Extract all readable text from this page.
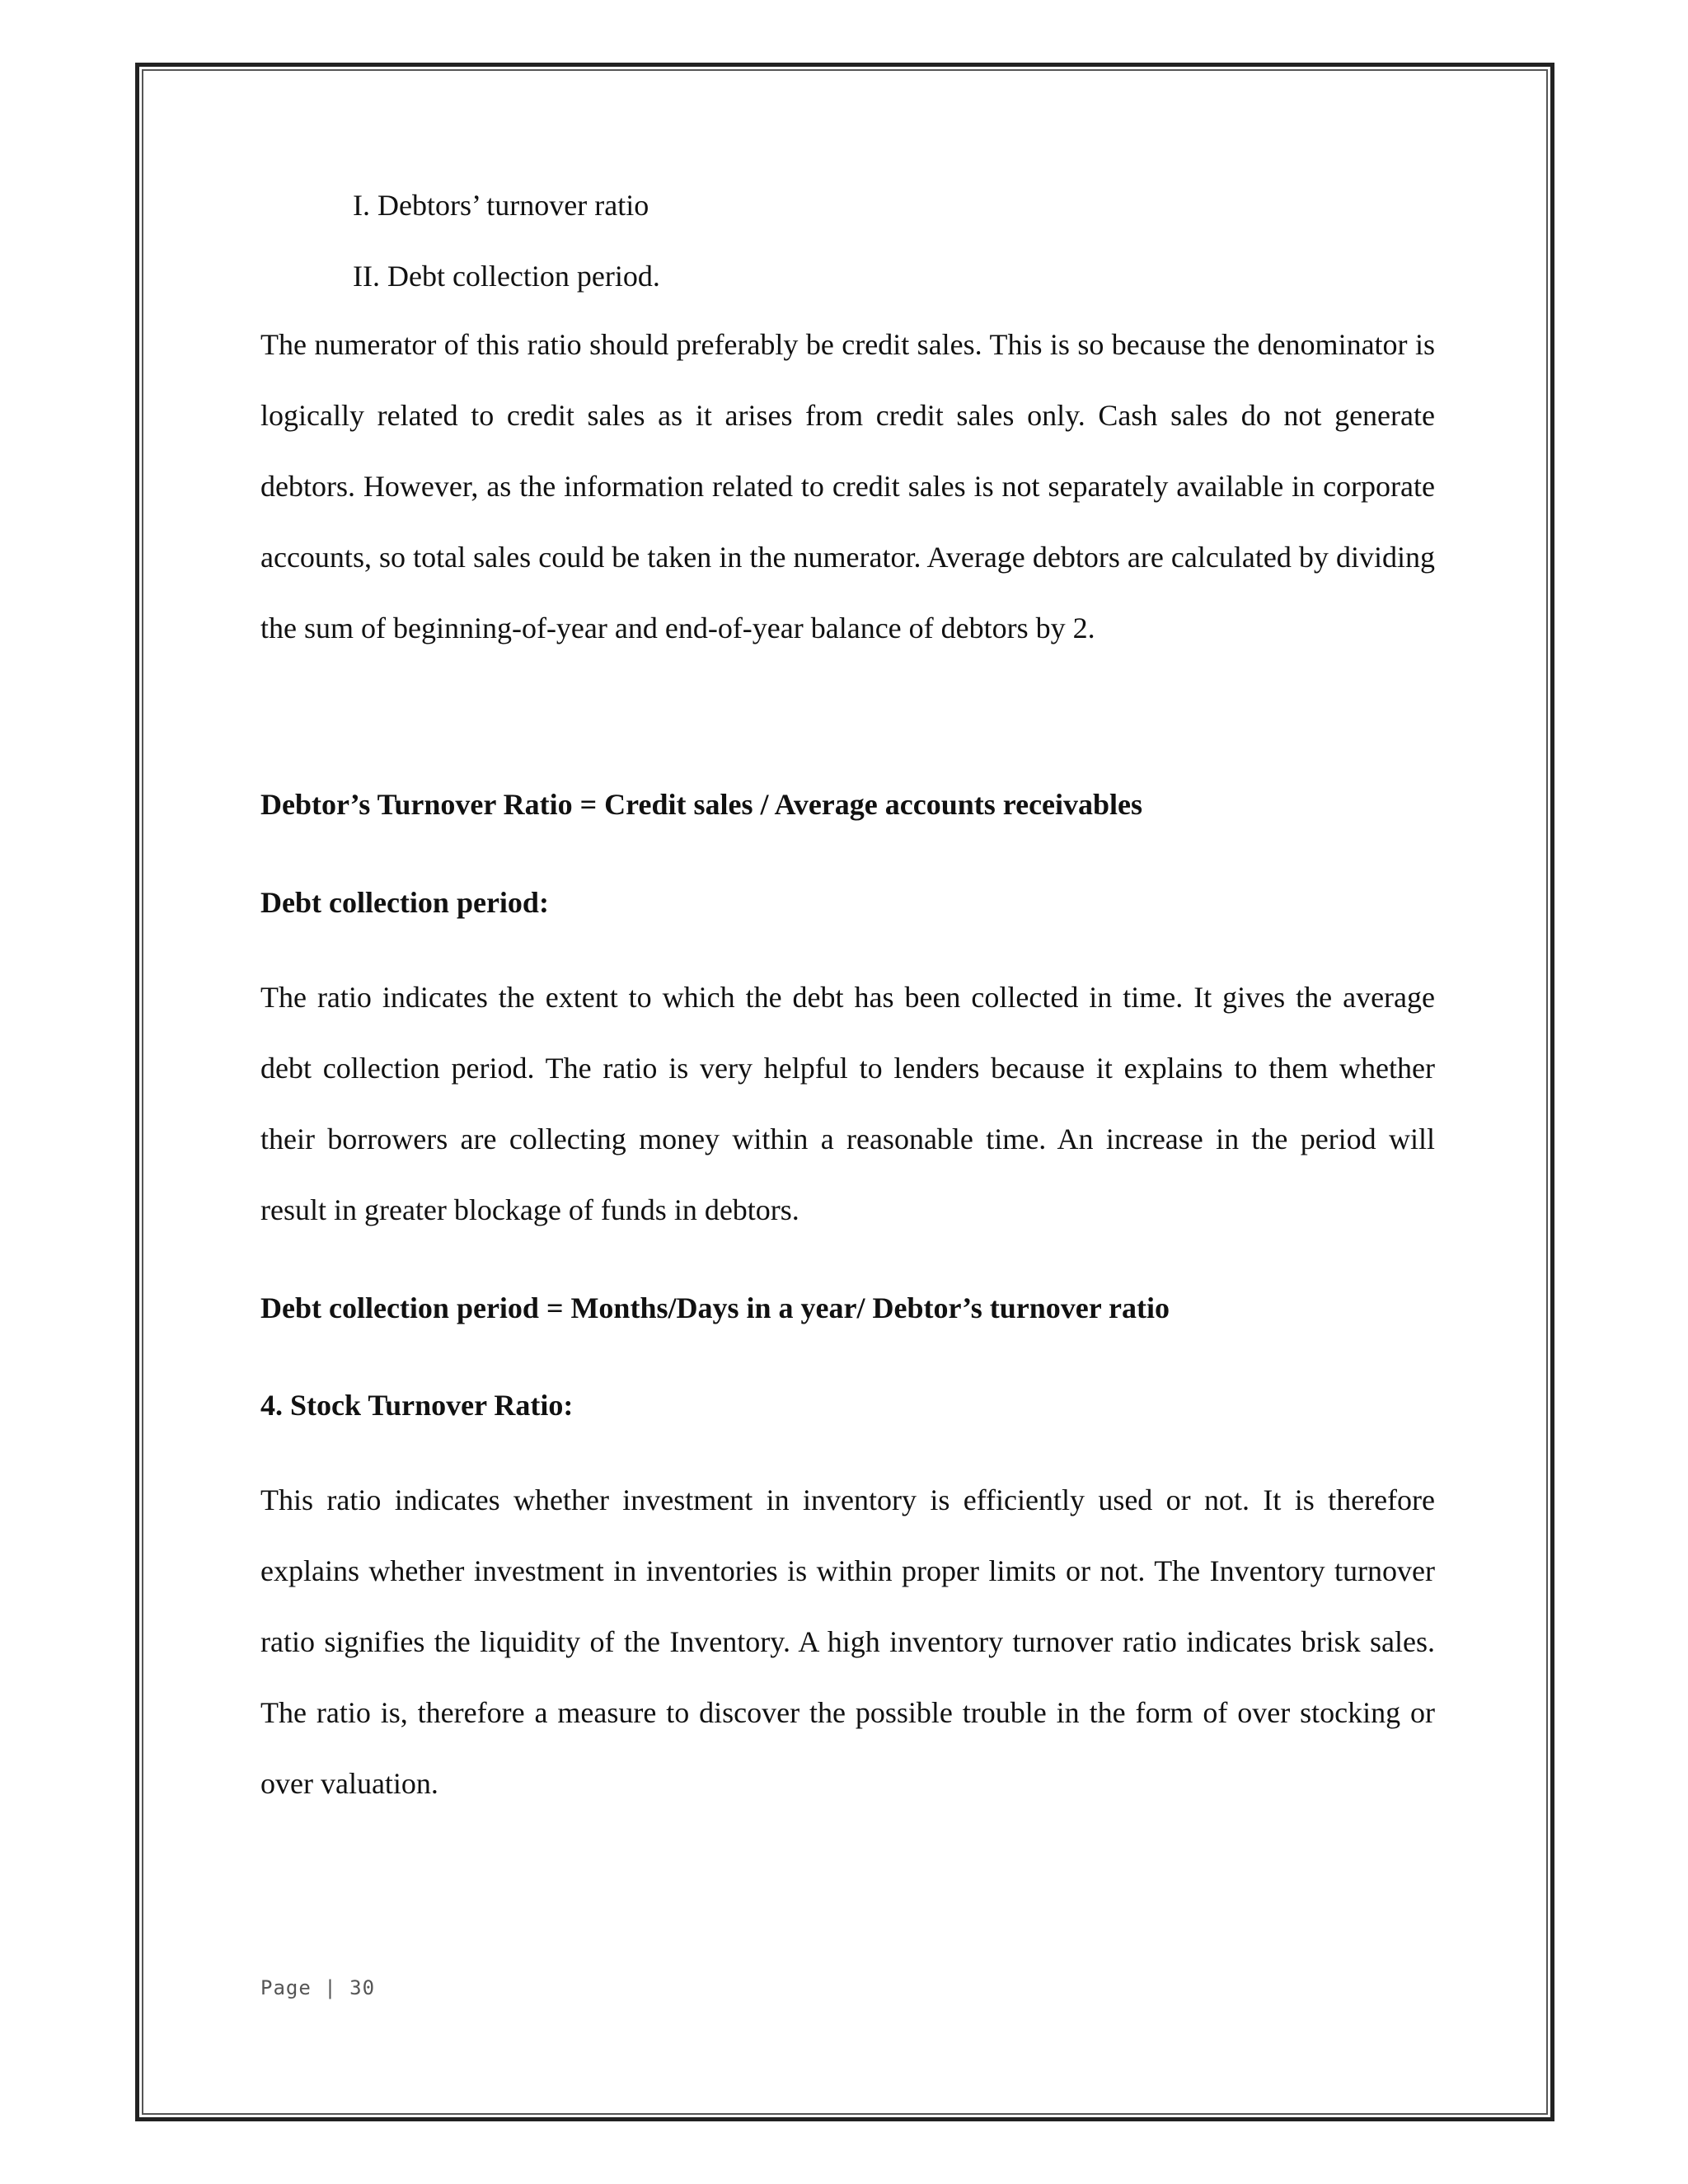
I. Debtors’ turnover ratio
II. Debt collection period.

The numerator of this ratio should preferably be credit sales. This is so because the denominator is logically related to credit sales as it arises from credit sales only. Cash sales do not generate debtors. However, as the information related to credit sales is not separately available in corporate accounts, so total sales could be taken in the numerator. Average debtors are calculated by dividing the sum of beginning-of-year and end-of-year balance of debtors by 2.

Debtor’s Turnover Ratio = Credit sales / Average accounts receivables
Debt collection period:

The ratio indicates the extent to which the debt has been collected in time. It gives the average debt collection period. The ratio is very helpful to lenders because it explains to them whether their borrowers are collecting money within a reasonable time. An increase in the period will result in greater blockage of funds in debtors.

Debt collection period = Months/Days in a year/ Debtor’s turnover ratio
4. Stock Turnover Ratio:

This ratio indicates whether investment in inventory is efficiently used or not. It is therefore explains whether investment in inventories is within proper limits or not. The Inventory turnover ratio signifies the liquidity of the Inventory. A high inventory turnover ratio indicates brisk sales. The ratio is, therefore a measure to discover the possible trouble in the form of over stocking or over valuation.

Page | 30
